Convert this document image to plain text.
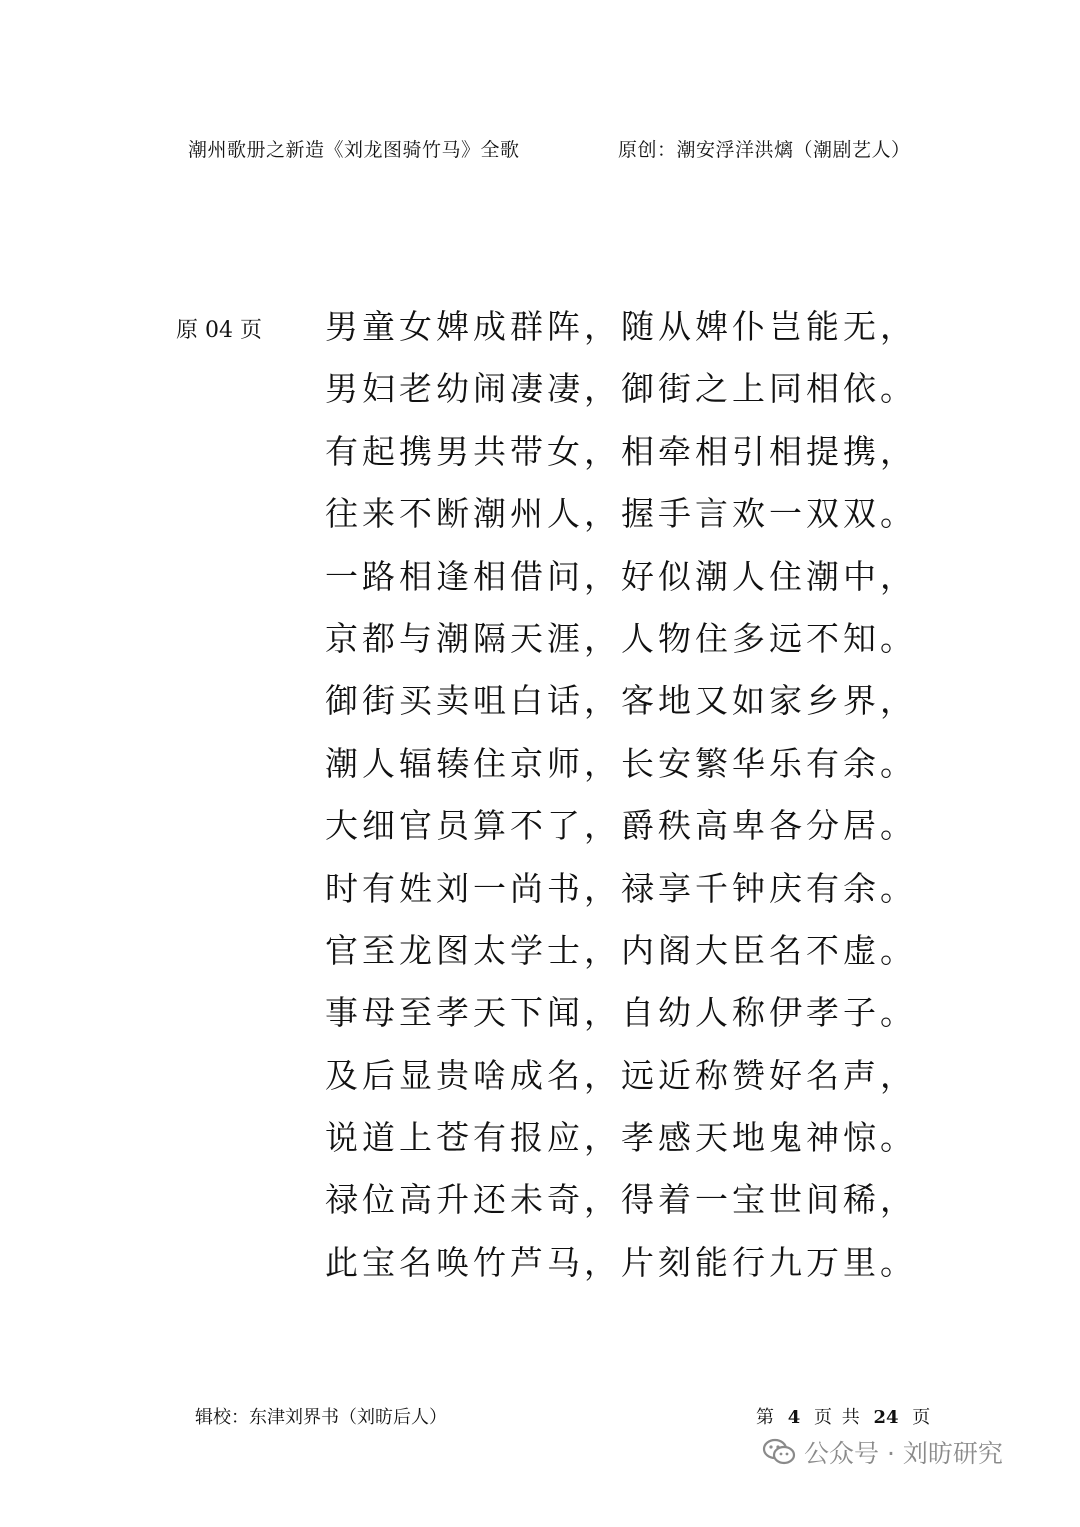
潮州歌册之新造《刘龙图骑竹马》全歌	原创：潮安浮洋洪㷰（潮剧艺人）
原 04 页 男童女婢成群阵，随从婢仆岂能无，
男妇老幼闹凄凄，御街之上同相依。
有起携男共带女，相牵相引相提携，
往来不断潮州人，握手言欢一双双。
一路相逢相借问，好似潮人住潮中，
京都与潮隔天涯，人物住多远不知。
御街买卖咀白话，客地又如家乡界，
潮人辐辏住京师，长安繁华乐有余。
大细官员算不了，爵秩高卑各分居。
时有姓刘一尚书，禄享千钟庆有余。
官至龙图太学士，内阁大臣名不虚。
事母至孝天下闻，自幼人称伊孝子。
及后显贵啥成名，远近称赞好名声，
说道上苍有报应，孝感天地鬼神惊。
禄位高升还未奇，得着一宝世间稀，
此宝名唤竹芦马，片刻能行九万里。
辑校：东津刘界书（刘昉后人）	第 4 页 共 24 页
公众号 · 刘昉研究
